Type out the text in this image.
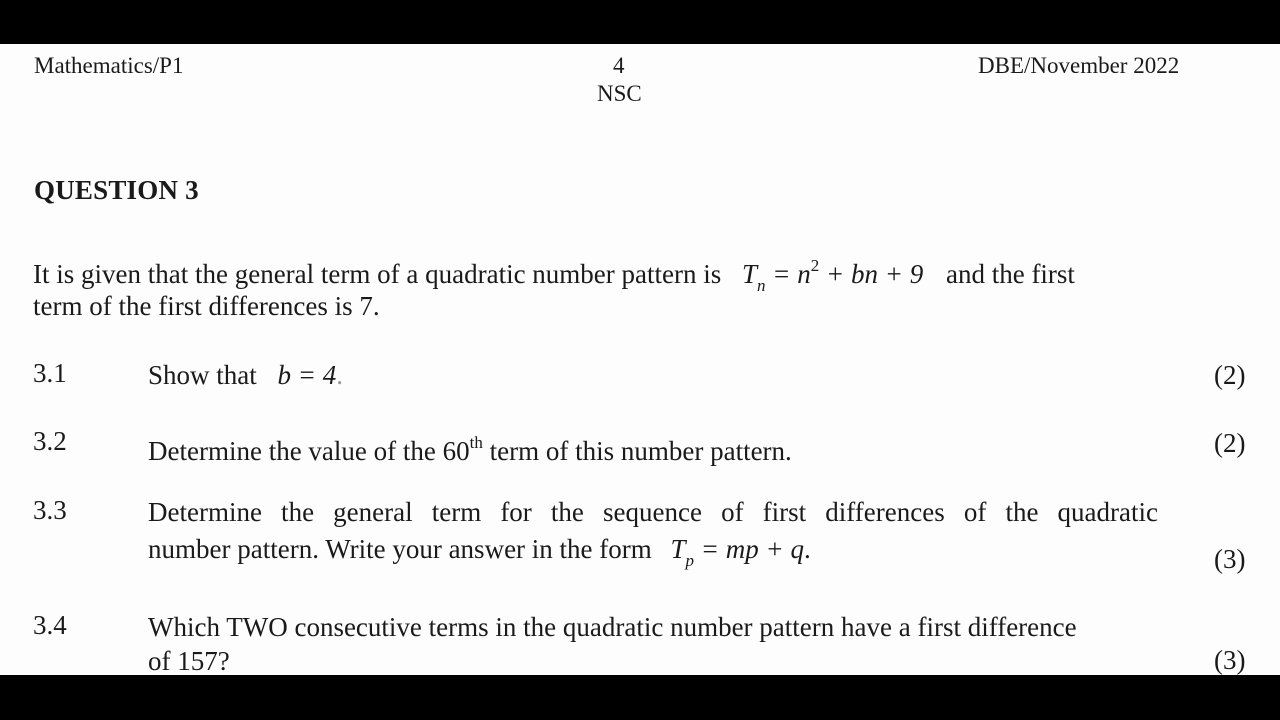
Mathematics/P1	4
NSC
DBE/November 2022
QUESTION 3
It is given that the general term of a quadratic number pattern is $T_n = n^2$ + bn + 9 and the first
term of the first differences is 7.
3.1	Show that b = 4.	(2)
3.2	Determine the value of the 60th term of this number pattern.	(2)
3.3	Determine the general term for the sequence of first differences of the quadratic
number pattern. Write your answer in the form $T_p$ = mp + q.	(3)
3.4	Which TWO consecutive terms in the quadratic number pattern have a first difference
of 157?	(3)
